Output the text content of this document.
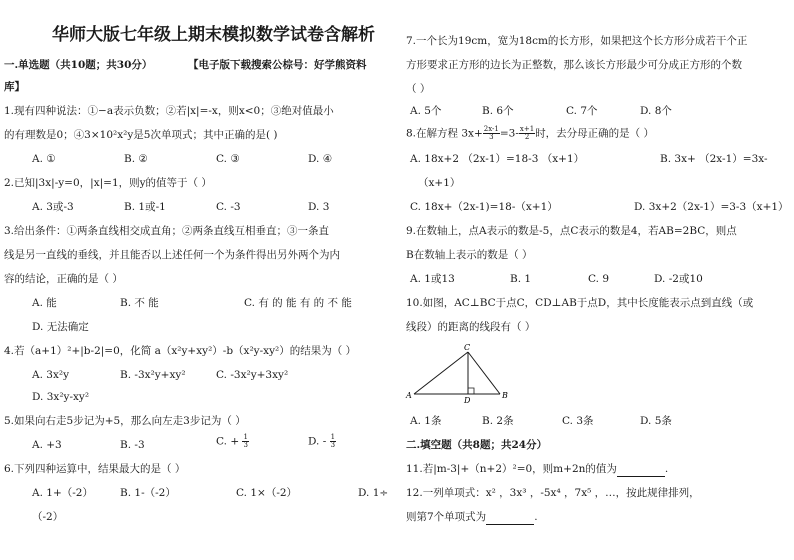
华师大版七年级上期末模拟数学试卷含解析
一.单选题（共10题；共30分）	【电子版下载搜索公棕号：好学熊资料
库】
1.现有四种说法：①−a表示负数；②若|x|=-x，则x<0；③绝对值最小
的有理数是0；④3×10²x²y是5次单项式；其中正确的是( )
A. ①	B. ②	C. ③	D. ④
2.已知|3x|-y=0，|x|=1，则y的值等于（ ）
A. 3或-3	B. 1或-1	C. -3	D. 3
3.给出条件：①两条直线相交成直角；②两条直线互相垂直；③一条直
线是另一直线的垂线，并且能否以上述任何一个为条件得出另外两个为内
容的结论，正确的是（ ）
A. 能	B. 不 能	C. 有 的 能 有 的 不 能
D. 无法确定
4.若（a+1）²+|b-2|=0，化简 a（x²y+xy²）-b（x²y-xy²）的结果为（ ）
A. 3x²y	B. -3x²y+xy²	C. -3x²y+3xy²
D. 3x²y-xy²
5.如果向右走5步记为+5，那么向左走3步记为（ ）
A. +3	B. -3	C. + $\frac{1}{3}$	D. - $\frac{1}{3}$
6.下列四种运算中，结果最大的是（ ）
A. 1+（-2）	B. 1-（-2）	C. 1×（-2）	D. 1÷
（-2）
7.一个长为19cm，宽为18cm的长方形，如果把这个长方形分成若干个正
方形要求正方形的边长为正整数，那么该长方形最少可分成正方形的个数
（ ）
A. 5个	B. 6个	C. 7个	D. 8个
8.在解方程 $3x+ \frac{2x-1}{3} =3- \frac{x+1}{2}$ 时，去分母正确的是（ ）
A. 18x+2 （2x-1）=18-3 （x+1）	B. 3x+ （2x-1）=3x-
（x+1）
C. 18x+（2x-1)=18-（x+1）	D. 3x+2（2x-1）=3-3（x+1）
9.在数轴上，点A表示的数是-5，点C表示的数是4，若AB=2BC，则点
B在数轴上表示的数是（ ）
A. 1或13	B. 1	C. 9	D. -2或10
10.如图，AC⊥BC于点C，CD⊥AB于点D，其中长度能表示点到直线（或
线段）的距离的线段有（ ）
C
A
D
B
A. 1条	B. 2条	C. 3条	D. 5条
二.填空题（共8题；共24分）
11.若|m-3|+（n+2）²=0，则m+2n的值为	.
12.一列单项式：x² ，3x³ ，-5x⁴ ，7x⁵ ，…，按此规律排列，
则第7个单项式为	.
